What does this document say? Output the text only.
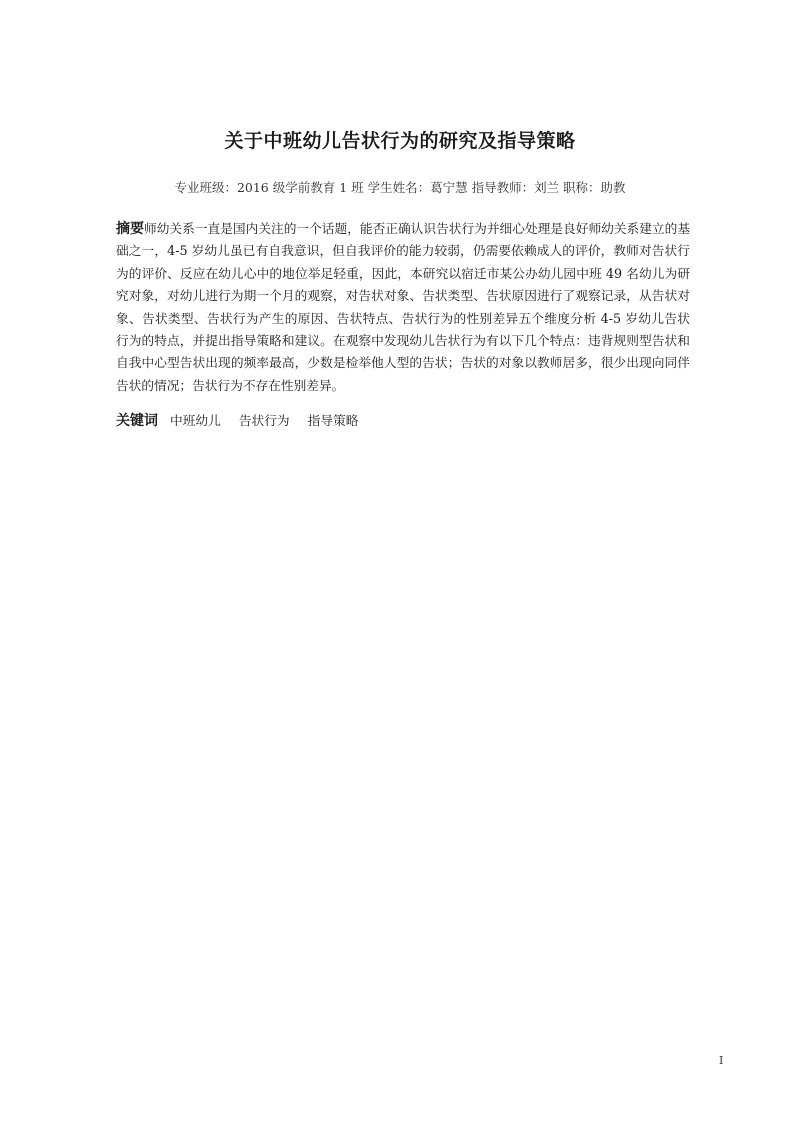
关于中班幼儿告状行为的研究及指导策略
专业班级：2016 级学前教育 1 班 学生姓名：葛宁慧 指导教师：刘兰 职称：助教

摘要师幼关系一直是国内关注的一个话题，能否正确认识告状行为并细心处理是良好师幼关系建立的基础之一，4-5 岁幼儿虽已有自我意识，但自我评价的能力较弱，仍需要依赖成人的评价，教师对告状行为的评价、反应在幼儿心中的地位举足轻重，因此，本研究以宿迁市某公办幼儿园中班 49 名幼儿为研究对象，对幼儿进行为期一个月的观察，对告状对象、告状类型、告状原因进行了观察记录，从告状对象、告状类型、告状行为产生的原因、告状特点、告状行为的性别差异五个维度分析 4-5 岁幼儿告状行为的特点，并提出指导策略和建议。在观察中发现幼儿告状行为有以下几个特点：违背规则型告状和自我中心型告状出现的频率最高，少数是检举他人型的告状；告状的对象以教师居多，很少出现向同伴告状的情况；告状行为不存在性别差异。

关键词 中班幼儿 告状行为 指导策略
I
